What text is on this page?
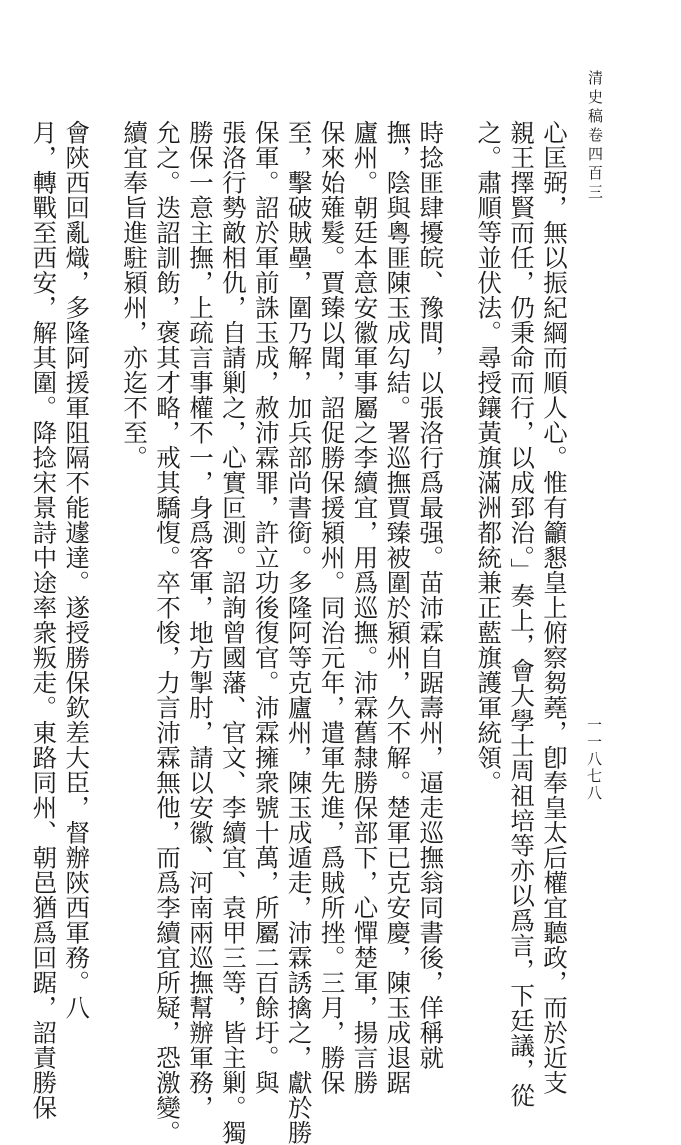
清史稿卷四百三
一一八七八
心匡弼，無以振紀綱而順人心。惟有籲懇皇上俯察芻蕘，卽奉皇太后權宜聽政，而於近支
親王擇賢而任，仍秉命而行，以成郅治。」奏上，會大學士周祖培等亦以爲言，下廷議，從
之。肅順等並伏法。尋授鑲黃旗滿洲都統兼正藍旗護軍統領。
時捻匪肆擾皖、豫間，以張洛行爲最强。苗沛霖自踞壽州，逼走巡撫翁同書後，佯稱就
撫，陰與粵匪陳玉成勾結。署巡撫賈臻被圍於潁州，久不解。楚軍已克安慶，陳玉成退踞
廬州。朝廷本意安徽軍事屬之李續宜，用爲巡撫。沛霖舊隸勝保部下，心憚楚軍，揚言勝
保來始薙髮。賈臻以聞，詔促勝保援潁州。同治元年，遣軍先進，爲賊所挫。三月，勝保
至，擊破賊壘，圍乃解，加兵部尚書銜。多隆阿等克廬州，陳玉成遁走，沛霖誘擒之，獻於勝
保軍。詔於軍前誅玉成，赦沛霖罪，許立功後復官。沛霖擁衆號十萬，所屬二百餘圩。與
張洛行勢敵相仇，自請剿之，心實叵測。詔詢曾國藩、官文、李續宜、袁甲三等，皆主剿。獨
勝保一意主撫，上疏言事權不一，身爲客軍，地方掣肘，請以安徽、河南兩巡撫幫辦軍務，
允之。迭詔訓飭，褒其才略，戒其驕愎。卒不悛，力言沛霖無他，而爲李續宜所疑，恐激變。
續宜奉旨進駐潁州，亦迄不至。
會陝西回亂熾，多隆阿援軍阻隔不能遽達。遂授勝保欽差大臣，督辦陝西軍務。八
月，轉戰至西安，解其圍。降捻宋景詩中途率衆叛走。東路同州、朝邑猶爲回踞，詔責勝保
